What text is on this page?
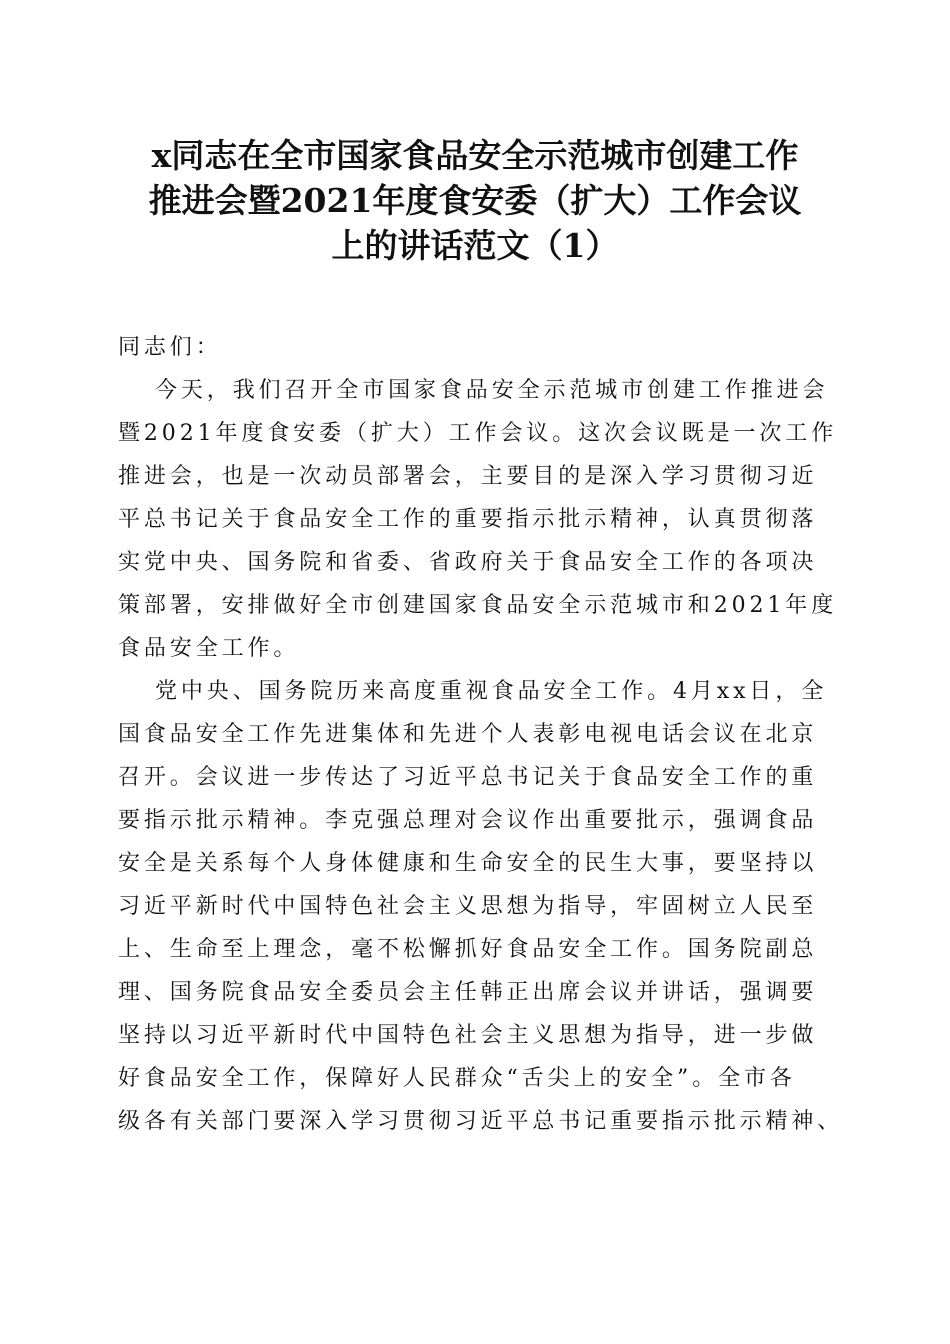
x同志在全市国家食品安全示范城市创建工作
推进会暨2021年度食安委（扩大）工作会议
上的讲话范文（1）
同志们：
今天，我们召开全市国家食品安全示范城市创建工作推进会
暨2021年度食安委（扩大）工作会议。这次会议既是一次工作
推进会，也是一次动员部署会，主要目的是深入学习贯彻习近
平总书记关于食品安全工作的重要指示批示精神，认真贯彻落
实党中央、国务院和省委、省政府关于食品安全工作的各项决
策部署，安排做好全市创建国家食品安全示范城市和2021年度
食品安全工作。
党中央、国务院历来高度重视食品安全工作。4月xx日，全
国食品安全工作先进集体和先进个人表彰电视电话会议在北京
召开。会议进一步传达了习近平总书记关于食品安全工作的重
要指示批示精神。李克强总理对会议作出重要批示，强调食品
安全是关系每个人身体健康和生命安全的民生大事，要坚持以
习近平新时代中国特色社会主义思想为指导，牢固树立人民至
上、生命至上理念，毫不松懈抓好食品安全工作。国务院副总
理、国务院食品安全委员会主任韩正出席会议并讲话，强调要
坚持以习近平新时代中国特色社会主义思想为指导，进一步做
好食品安全工作，保障好人民群众“舌尖上的安全”。全市各
级各有关部门要深入学习贯彻习近平总书记重要指示批示精神、
